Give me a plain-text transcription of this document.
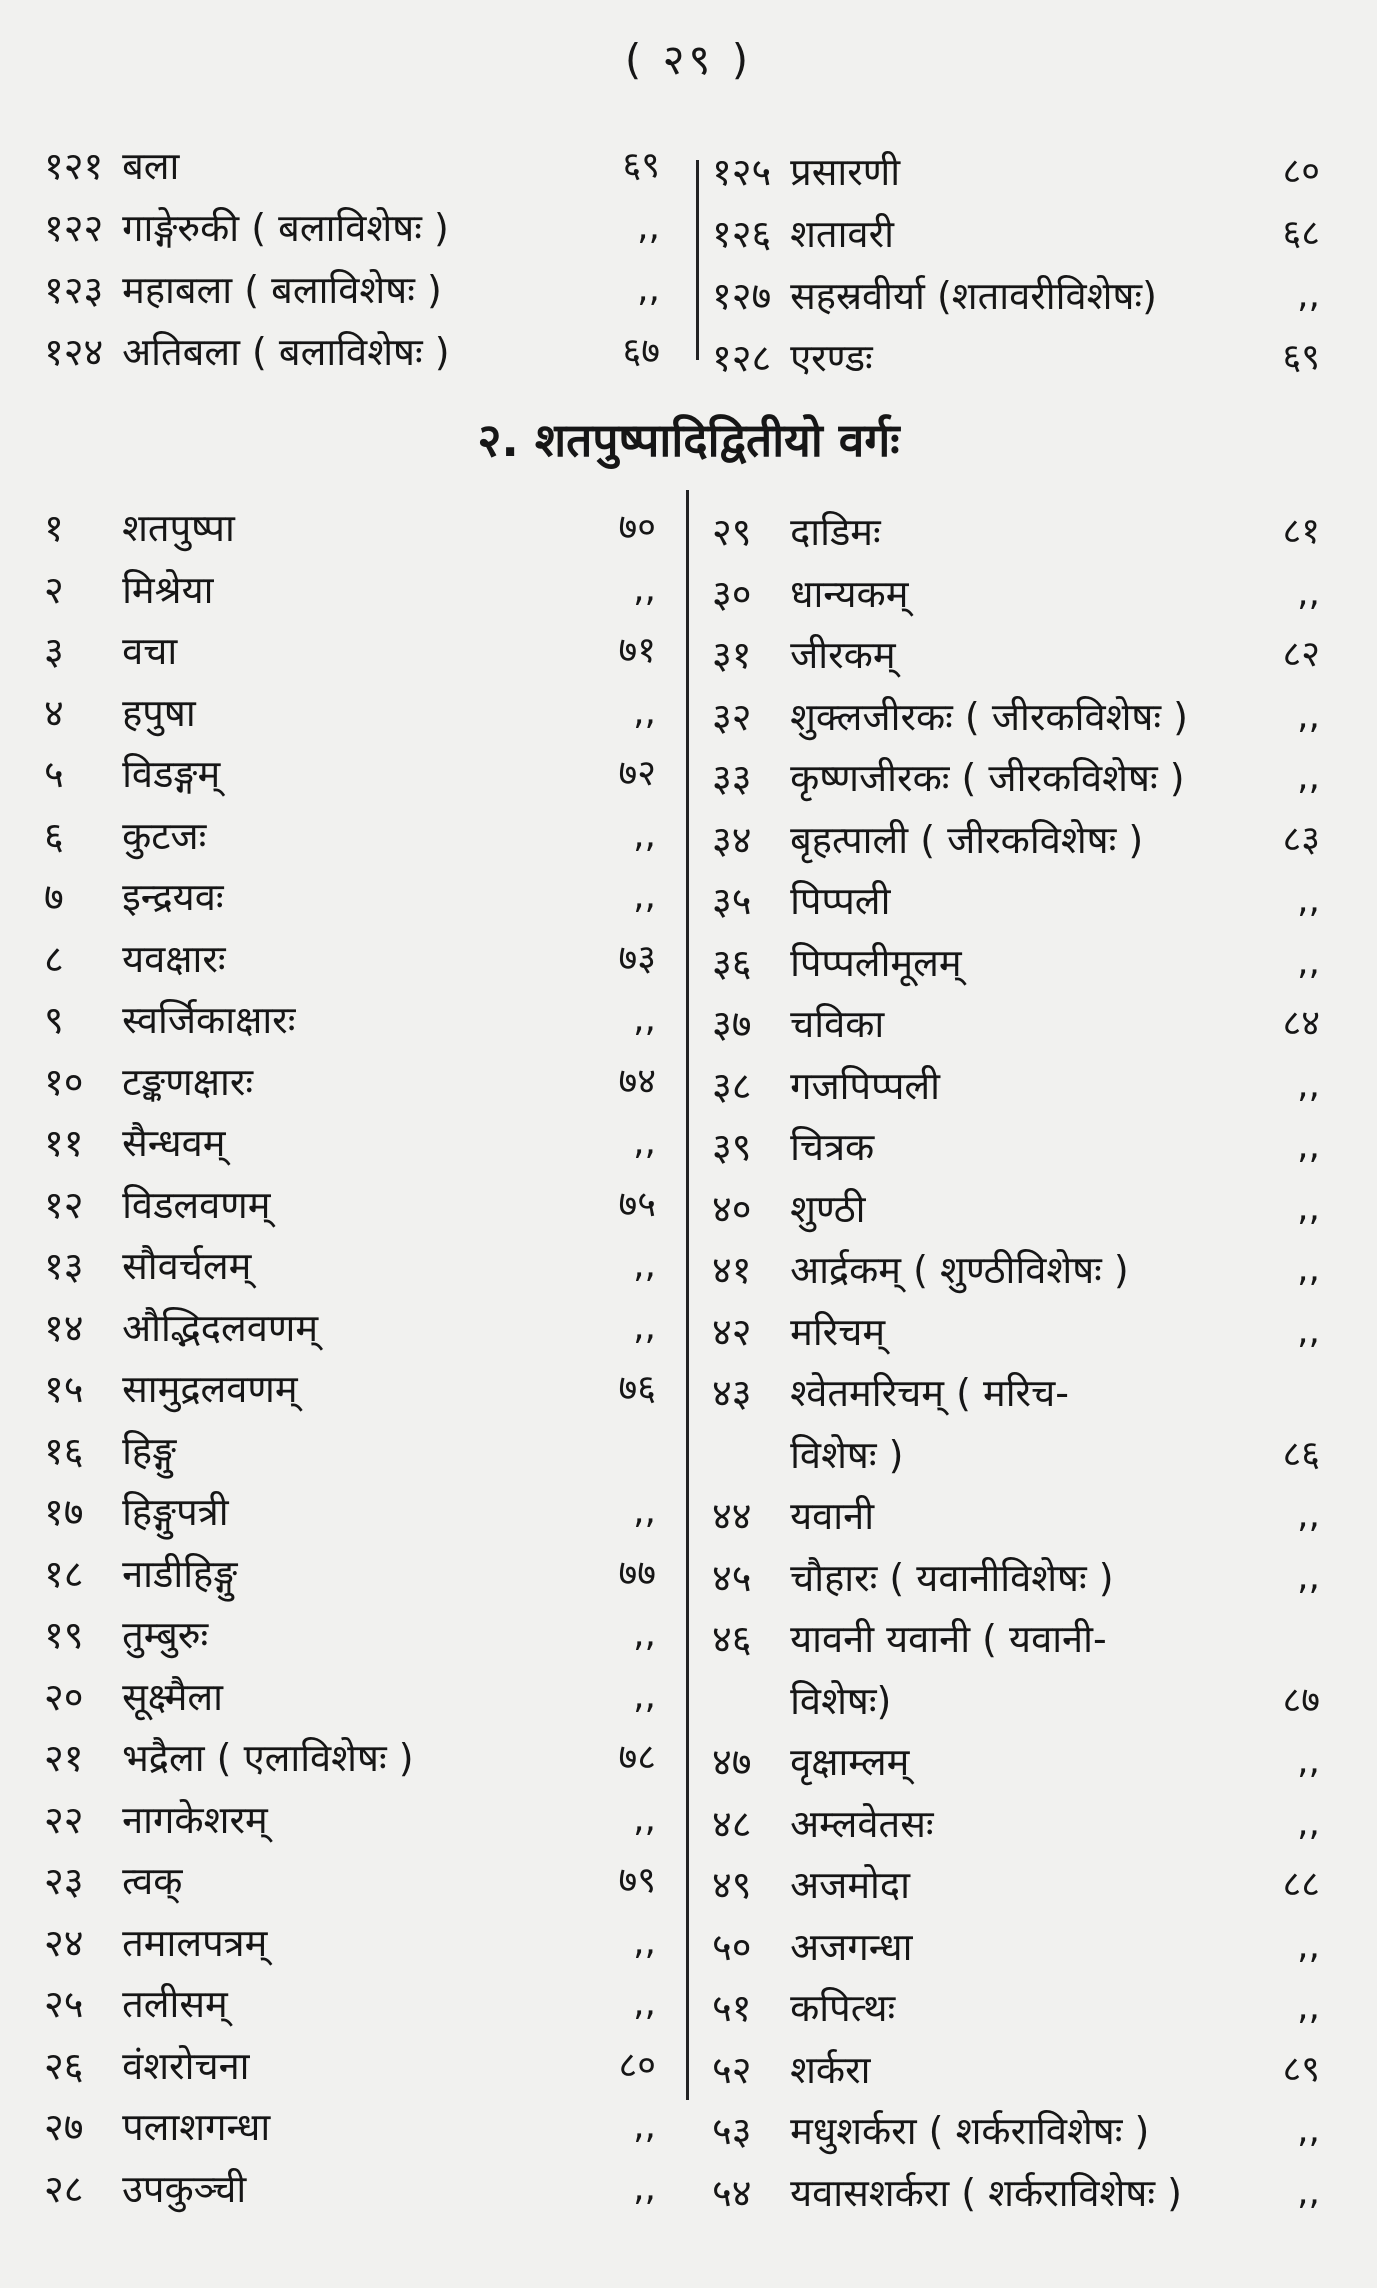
( २९ )
१२१ बला	६९
१२२ गाङ्गेरुकी ( बलाविशेषः )	,,
१२३ महाबला ( बलाविशेषः )	,,
१२४ अतिबला ( बलाविशेषः )	६७
१२५ प्रसारणी	८०
१२६ शतावरी	६८
१२७ सहस्रवीर्या (शतावरीविशेषः)	,,
१२८ एरण्डः	६९
२. शतपुष्पादिद्वितीयो वर्गः
१ शतपुष्पा	७०
२ मिश्रेया	,,
३ वचा	७१
४ हपुषा	,,
५ विडङ्गम्	७२
६ कुटजः	,,
७ इन्द्रयवः	,,
८ यवक्षारः	७३
९ स्वर्जिकाक्षारः	,,
१० टङ्कणक्षारः	७४
११ सैन्धवम्	,,
१२ विडलवणम्	७५
१३ सौवर्चलम्	,,
१४ औद्भिदलवणम्	,,
१५ सामुद्रलवणम्	७६
१६ हिङ्गु
१७ हिङ्गुपत्री	,,
१८ नाडीहिङ्गु	७७
१९ तुम्बुरुः	,,
२० सूक्ष्मैला	,,
२१ भद्रैला ( एलाविशेषः )	७८
२२ नागकेशरम्	,,
२३ त्वक्	७९
२४ तमालपत्रम्	,,
२५ तलीसम्	,,
२६ वंशरोचना	८०
२७ पलाशगन्धा	,,
२८ उपकुञ्ची	,,
२९ दाडिमः	८१
३० धान्यकम्	,,
३१ जीरकम्	८२
३२ शुक्लजीरकः ( जीरकविशेषः )	,,
३३ कृष्णजीरकः ( जीरकविशेषः )	,,
३४ बृहत्पाली ( जीरकविशेषः )	८३
३५ पिप्पली	,,
३६ पिप्पलीमूलम्	,,
३७ चविका	८४
३८ गजपिप्पली	,,
३९ चित्रक	,,
४० शुण्ठी	,,
४१ आर्द्रकम् ( शुण्ठीविशेषः )	,,
४२ मरिचम्	,,
४३ श्वेतमरिचम् ( मरिच-
विशेषः )	८६
४४ यवानी	,,
४५ चौहारः ( यवानीविशेषः )	,,
४६ यावनी यवानी ( यवानी-
विशेषः)	८७
४७ वृक्षाम्लम्	,,
४८ अम्लवेतसः	,,
४९ अजमोदा	८८
५० अजगन्धा	,,
५१ कपित्थः	,,
५२ शर्करा	८९
५३ मधुशर्करा ( शर्कराविशेषः )	,,
५४ यवासशर्करा ( शर्कराविशेषः )	,,
